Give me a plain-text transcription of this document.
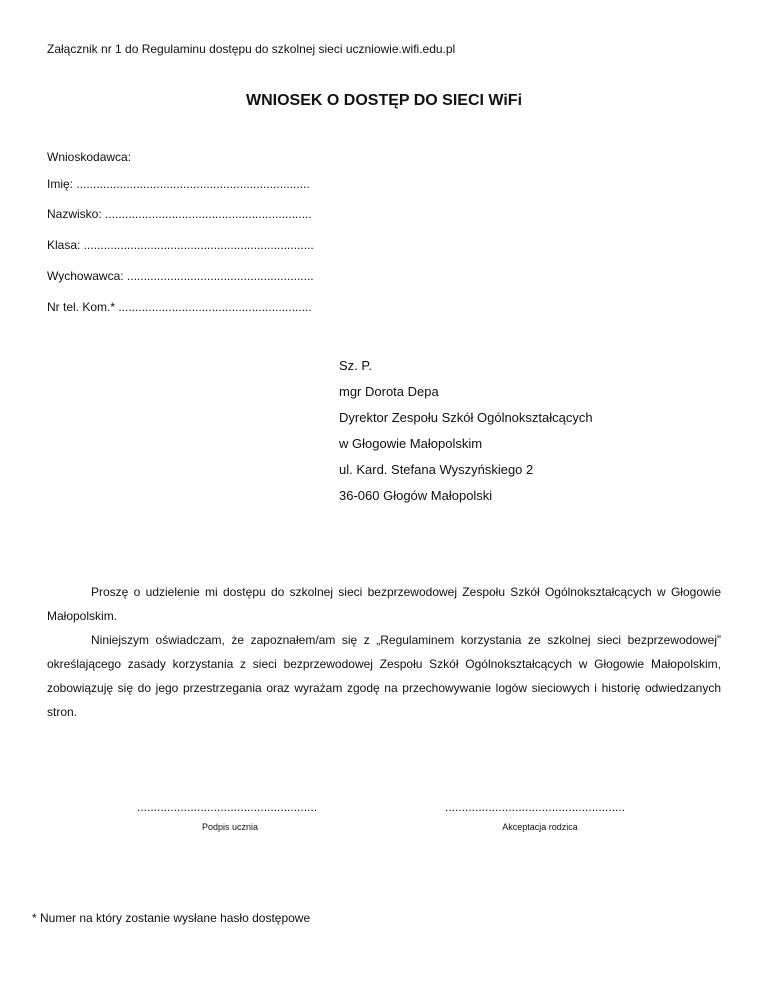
Załącznik nr 1 do Regulaminu dostępu do szkolnej sieci uczniowie.wifi.edu.pl
WNIOSEK O DOSTĘP DO SIECI WiFi
Wnioskodawca:
Imię: ......................................................................
Nazwisko: ..............................................................
Klasa: .....................................................................
Wychowawca: ........................................................
Nr tel. Kom.* ..........................................................
Sz. P.
mgr Dorota Depa
Dyrektor Zespołu Szkół Ogólnokształcących
w Głogowie Małopolskim
ul. Kard. Stefana Wyszyńskiego 2
36-060 Głogów Małopolski

Proszę o udzielenie mi dostępu do szkolnej sieci bezprzewodowej Zespołu Szkół Ogólnokształcących w Głogowie Małopolskim.

Niniejszym oświadczam, że zapoznałem/am się z „Regulaminem korzystania ze szkolnej sieci bezprzewodowej” określającego zasady korzystania z sieci bezprzewodowej Zespołu Szkół Ogólnokształcących w Głogowie Małopolskim, zobowiązuję się do jego przestrzegania oraz wyrażam zgodę na przechowywanie logów sieciowych i historię odwiedzanych stron.

......................................................
Podpis ucznia
......................................................
Akceptacja rodzica
* Numer na który zostanie wysłane hasło dostępowe
